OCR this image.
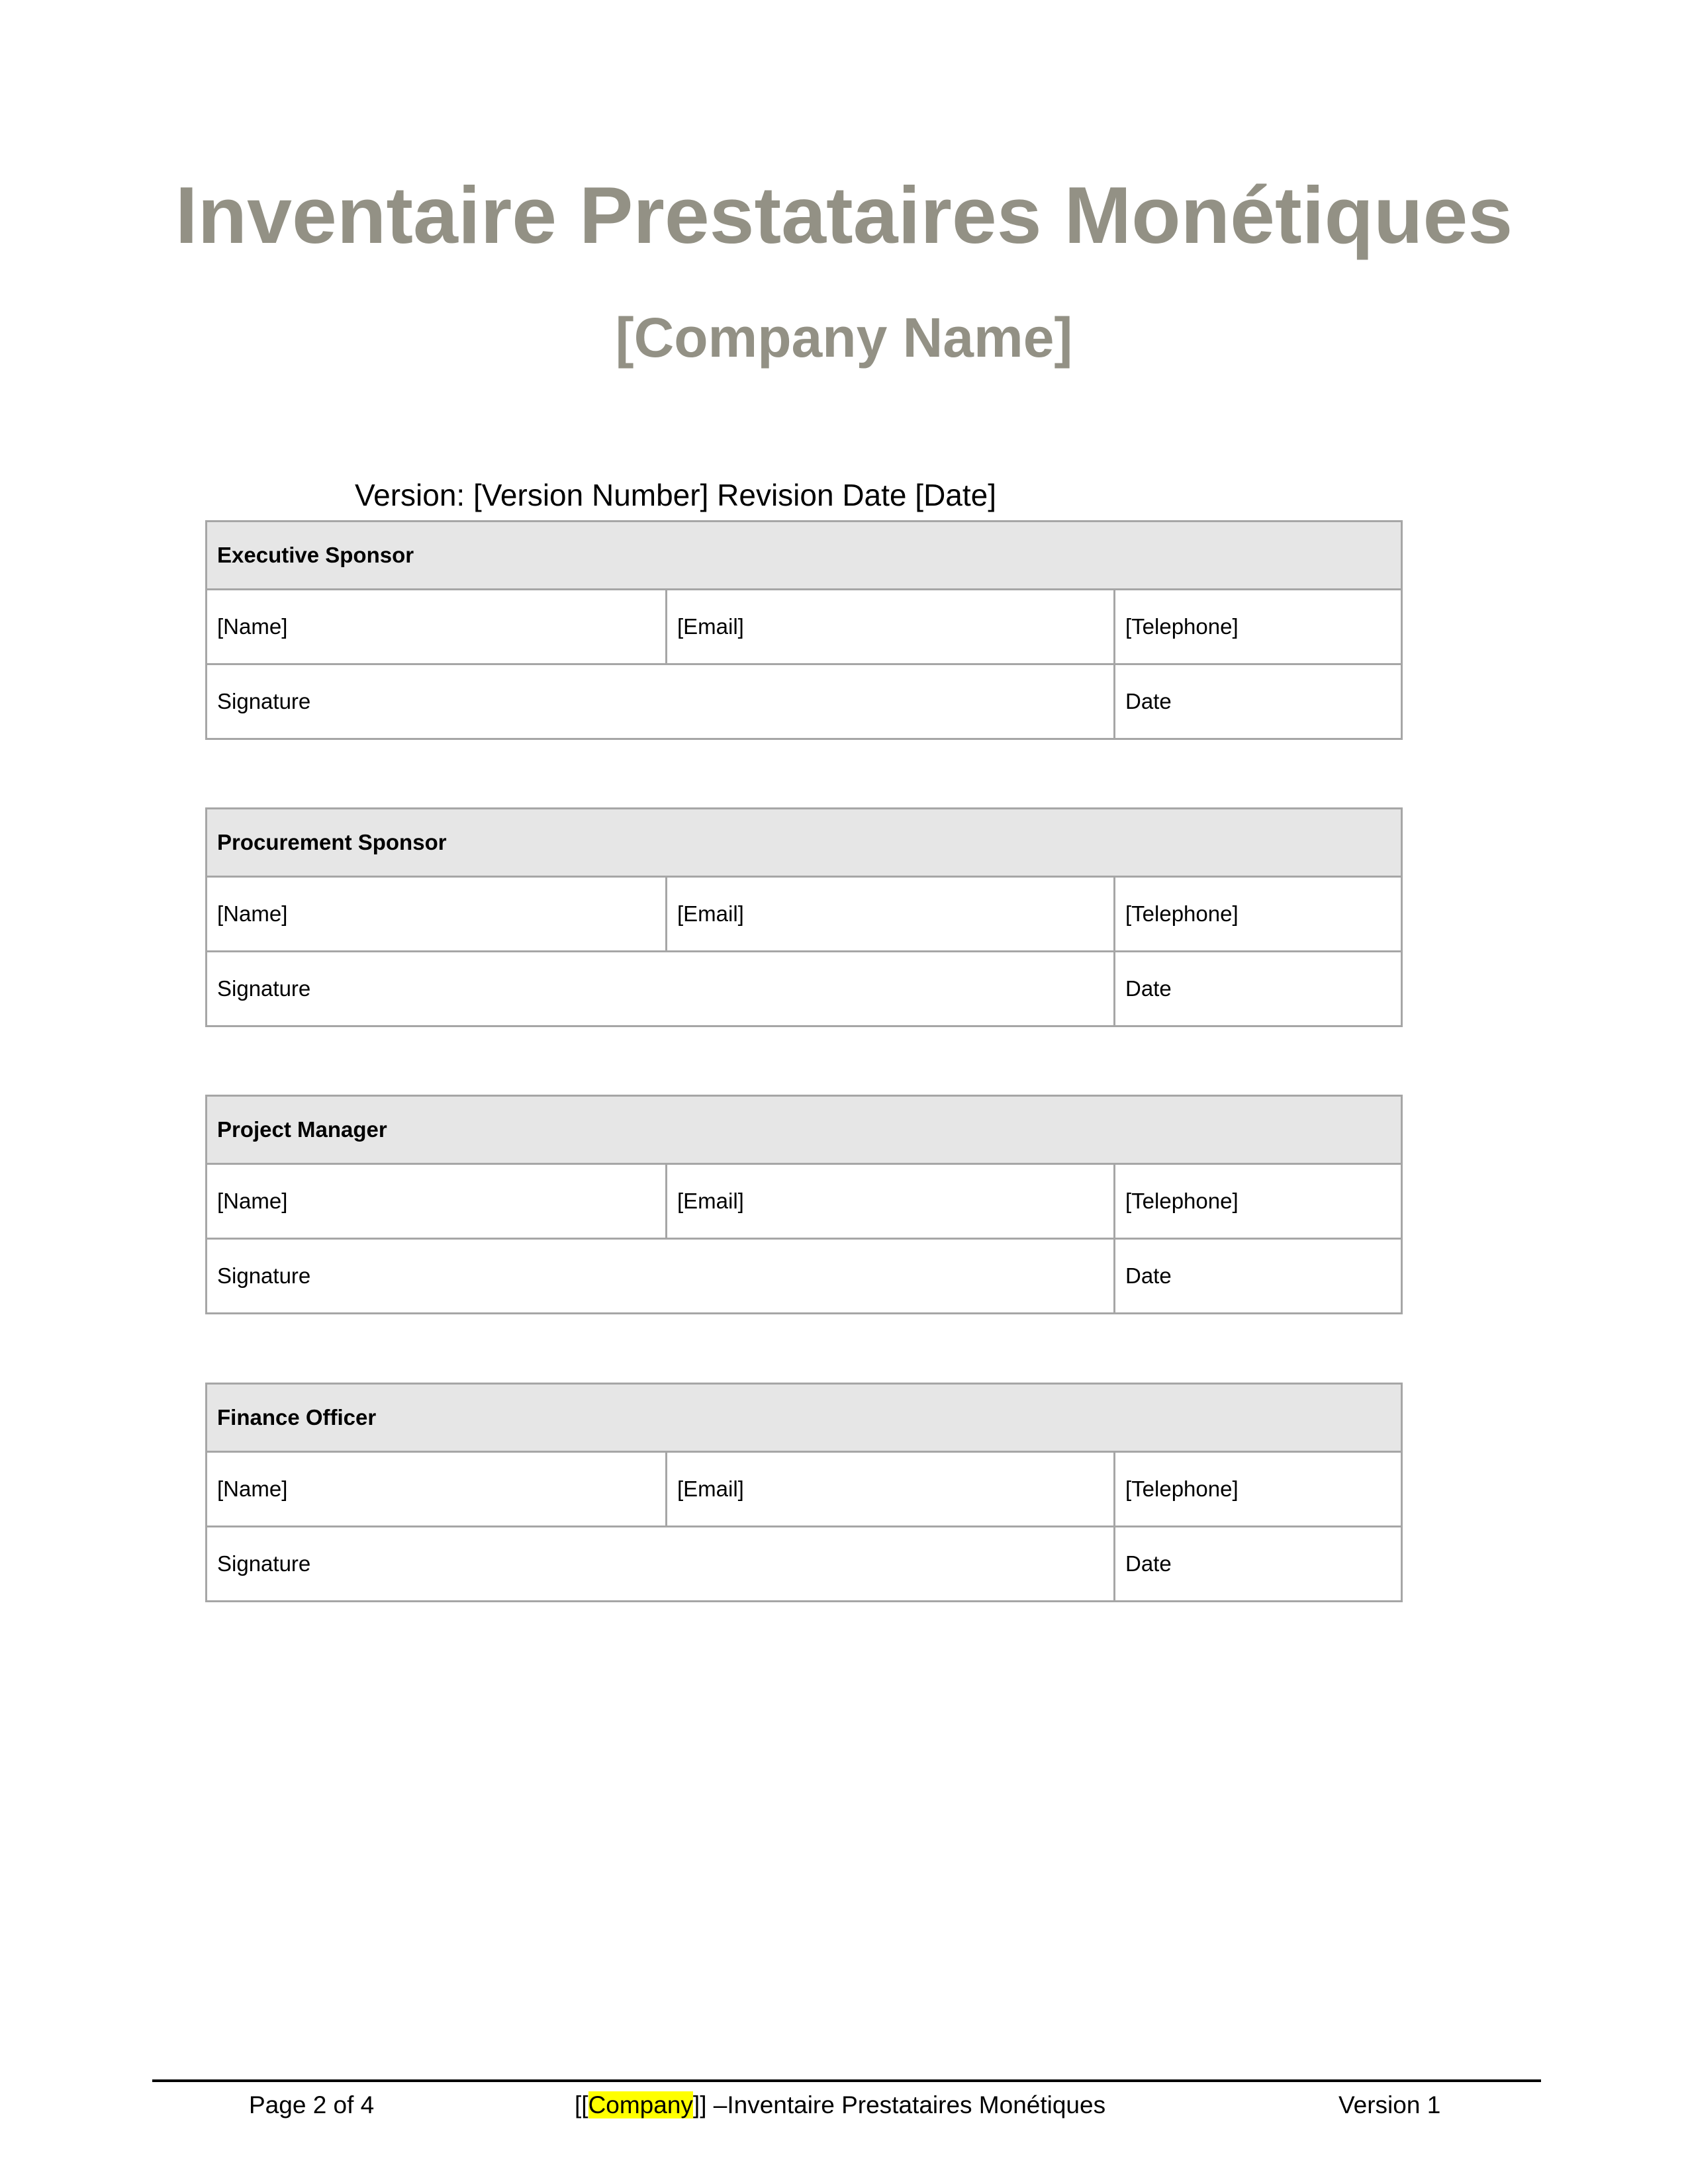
Inventaire Prestataires Monétiques
[Company Name]
Version: [Version Number] Revision Date [Date]
Executive Sponsor		
[Name]	[Email]	[Telephone]
Signature		Date
Procurement Sponsor		
[Name]	[Email]	[Telephone]
Signature		Date
Project Manager		
[Name]	[Email]	[Telephone]
Signature		Date
Finance Officer		
[Name]	[Email]	[Telephone]
Signature		Date
Page 2 of 4	[[Company]] –Inventaire Prestataires Monétiques	Version 1
